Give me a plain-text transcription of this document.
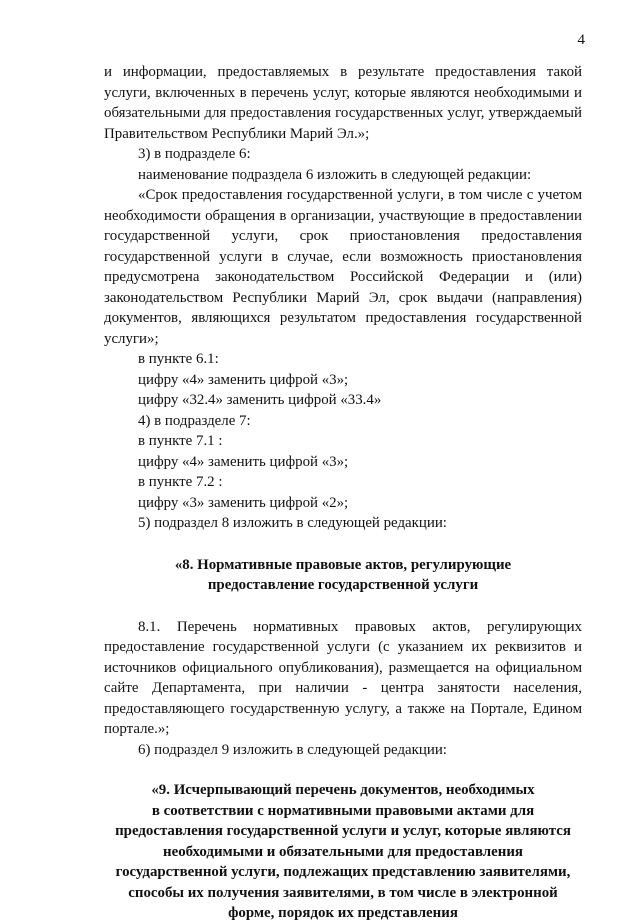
4

и информации, предоставляемых в результате предоставления такой услуги, включенных в перечень услуг, которые являются необходимыми и обязательными для предоставления государственных услуг, утверждаемый Правительством Республики Марий Эл.»;

3) в подразделе 6:

наименование подраздела 6 изложить в следующей редакции:

«Срок предоставления государственной услуги, в том числе с учетом необходимости обращения в организации, участвующие в предоставлении государственной услуги, срок приостановления предоставления государственной услуги в случае, если возможность приостановления предусмотрена законодательством Российской Федерации и (или) законодательством Республики Марий Эл, срок выдачи (направления) документов, являющихся результатом предоставления государственной услуги»;

в пункте 6.1:

цифру «4» заменить цифрой «3»;

цифру «32.4» заменить цифрой «33.4»

4) в подразделе 7:

в пункте 7.1 :

цифру «4» заменить цифрой «3»;

в пункте 7.2 :

цифру «3» заменить цифрой «2»;

5) подраздел 8 изложить в следующей редакции:

«8. Нормативные правовые актов, регулирующие

предоставление государственной услуги

8.1. Перечень нормативных правовых актов, регулирующих предоставление государственной услуги (с указанием их реквизитов и источников официального опубликования), размещается на официальном сайте Департамента, при наличии - центра занятости населения, предоставляющего государственную услугу, а также на Портале, Едином портале.»;

6) подраздел 9 изложить в следующей редакции:

«9. Исчерпывающий перечень документов, необходимых

в соответствии с нормативными правовыми актами для

предоставления государственной услуги и услуг, которые являются

необходимыми и обязательными для предоставления

государственной услуги, подлежащих представлению заявителями,

способы их получения заявителями, в том числе в электронной

форме, порядок их представления
